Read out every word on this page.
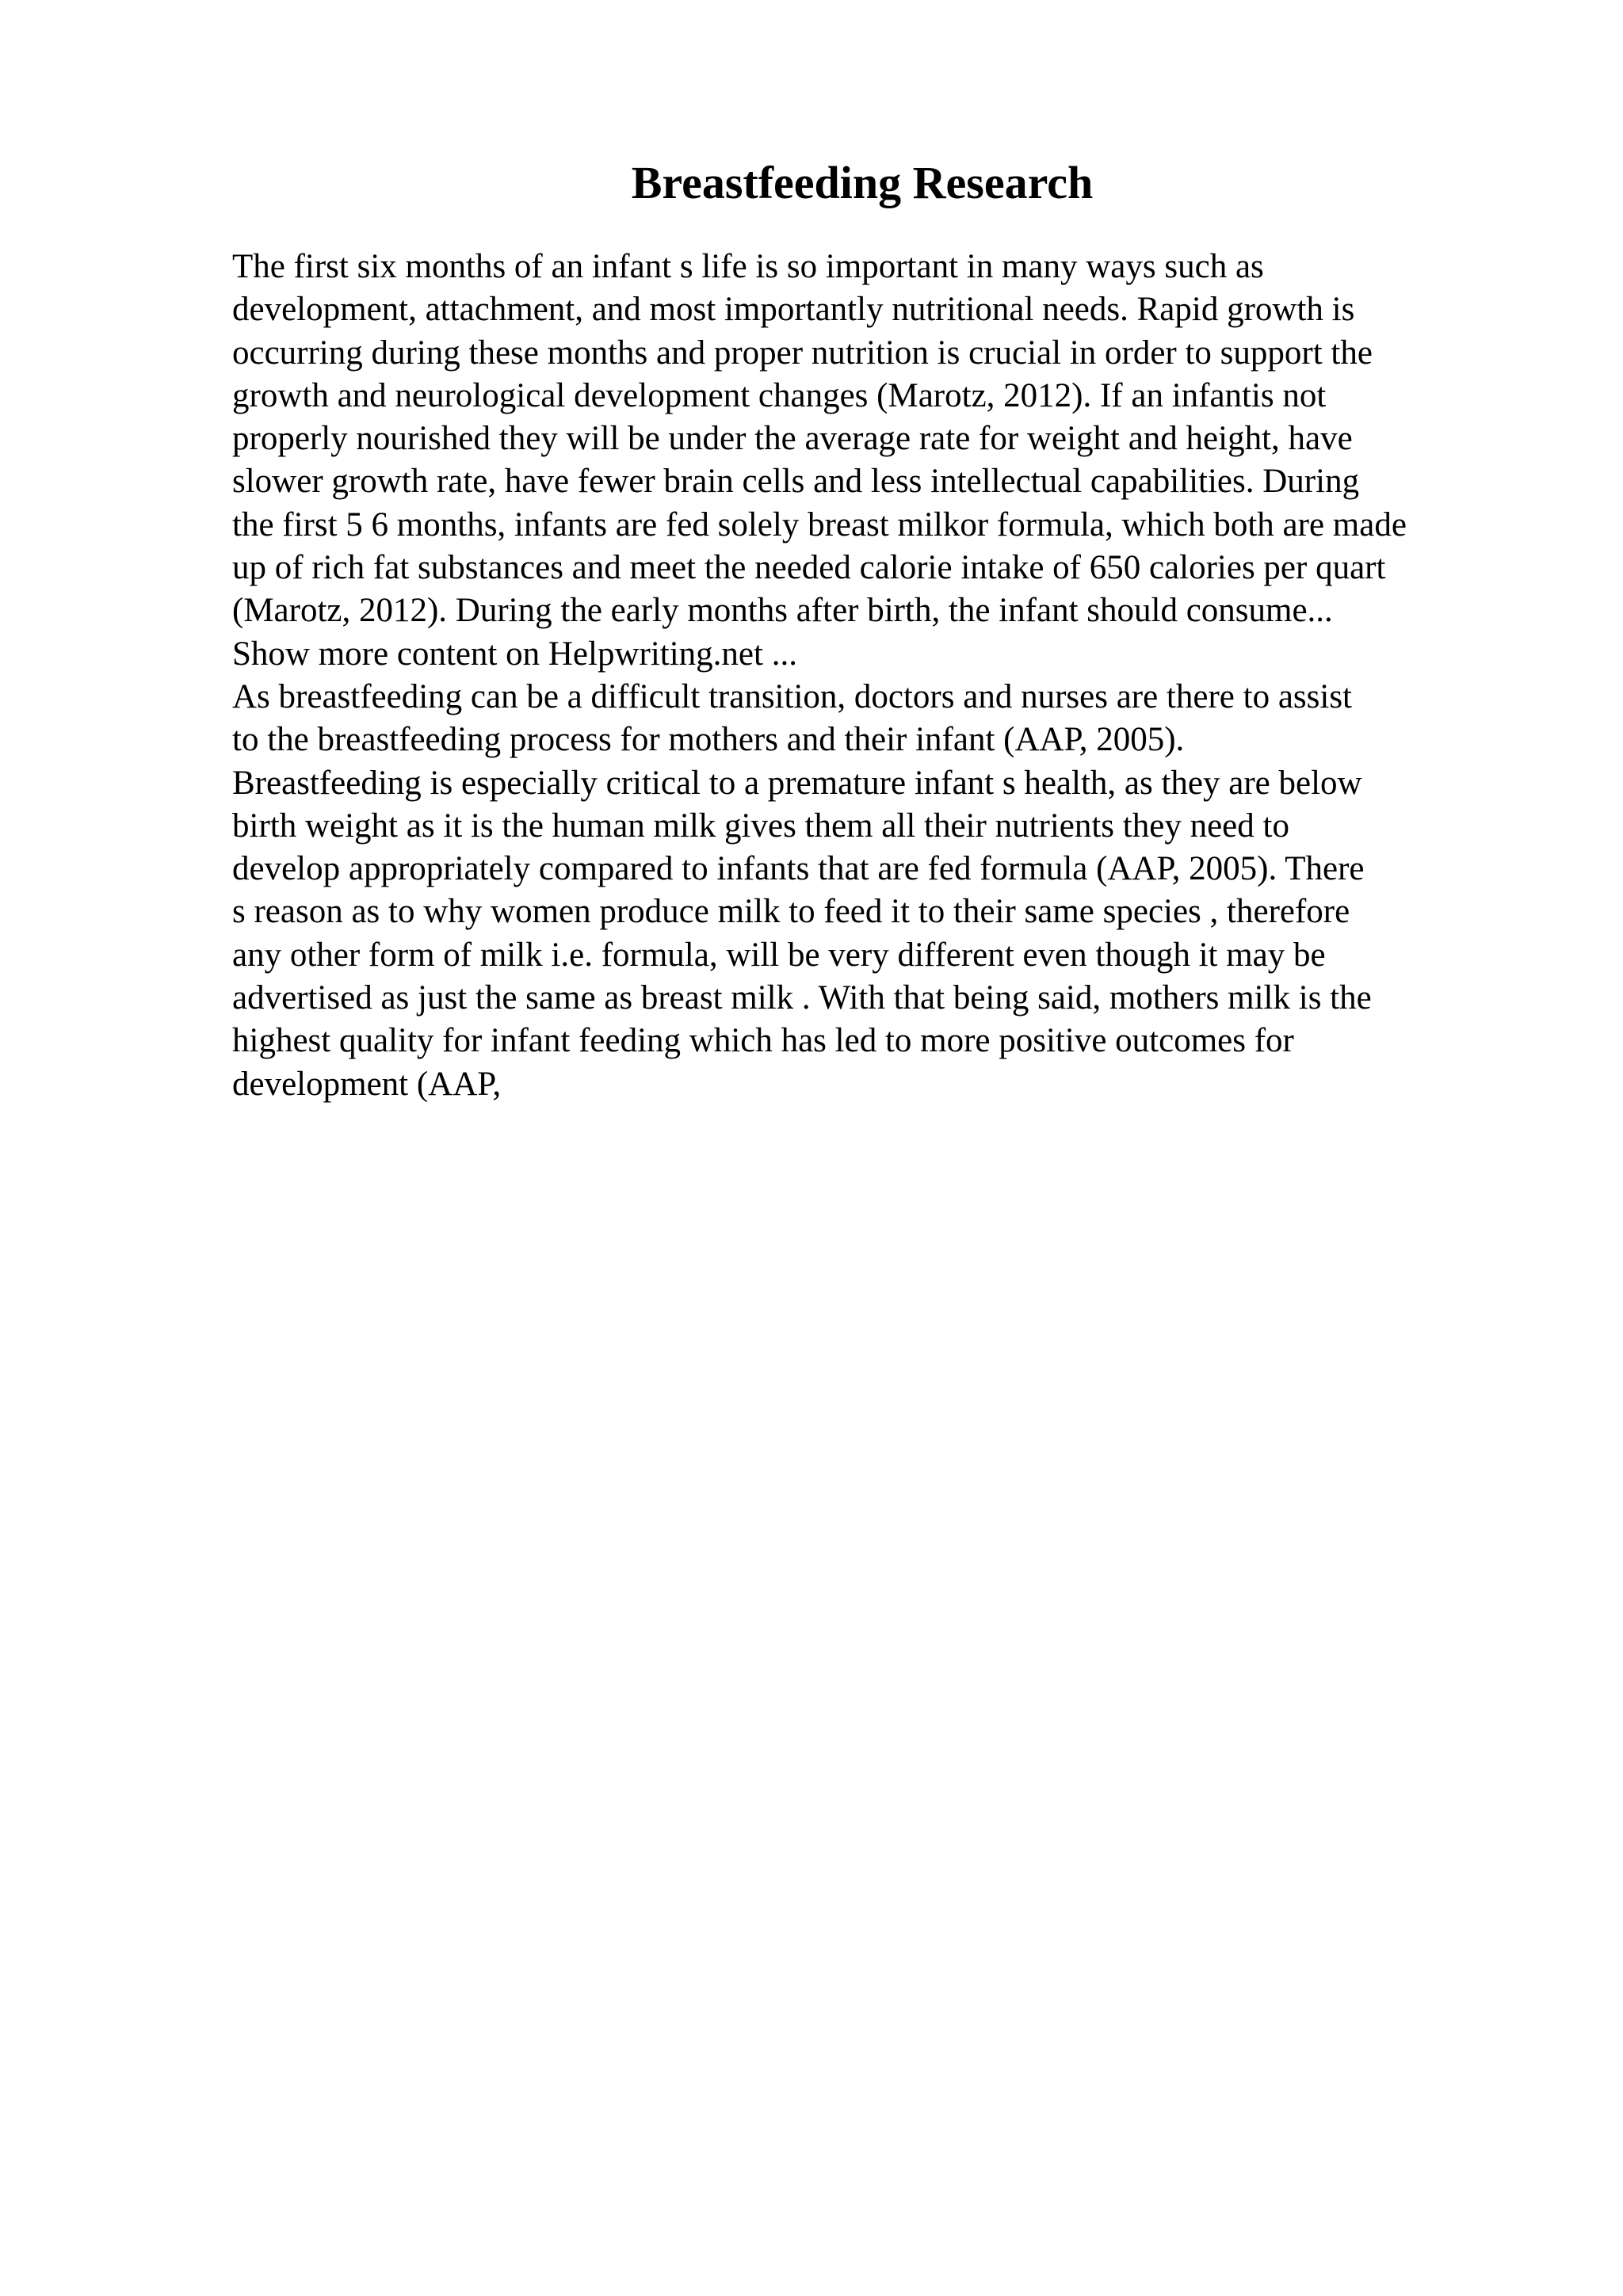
Breastfeeding Research
The first six months of an infant s life is so important in many ways such as
development, attachment, and most importantly nutritional needs. Rapid growth is
occurring during these months and proper nutrition is crucial in order to support the
growth and neurological development changes (Marotz, 2012). If an infantis not
properly nourished they will be under the average rate for weight and height, have
slower growth rate, have fewer brain cells and less intellectual capabilities. During
the first 5 6 months, infants are fed solely breast milkor formula, which both are made
up of rich fat substances and meet the needed calorie intake of 650 calories per quart
(Marotz, 2012). During the early months after birth, the infant should consume...
Show more content on Helpwriting.net ...
As breastfeeding can be a difficult transition, doctors and nurses are there to assist
to the breastfeeding process for mothers and their infant (AAP, 2005).
Breastfeeding is especially critical to a premature infant s health, as they are below
birth weight as it is the human milk gives them all their nutrients they need to
develop appropriately compared to infants that are fed formula (AAP, 2005). There
s reason as to why women produce milk to feed it to their same species , therefore
any other form of milk i.e. formula, will be very different even though it may be
advertised as just the same as breast milk . With that being said, mothers milk is the
highest quality for infant feeding which has led to more positive outcomes for
development (AAP,
